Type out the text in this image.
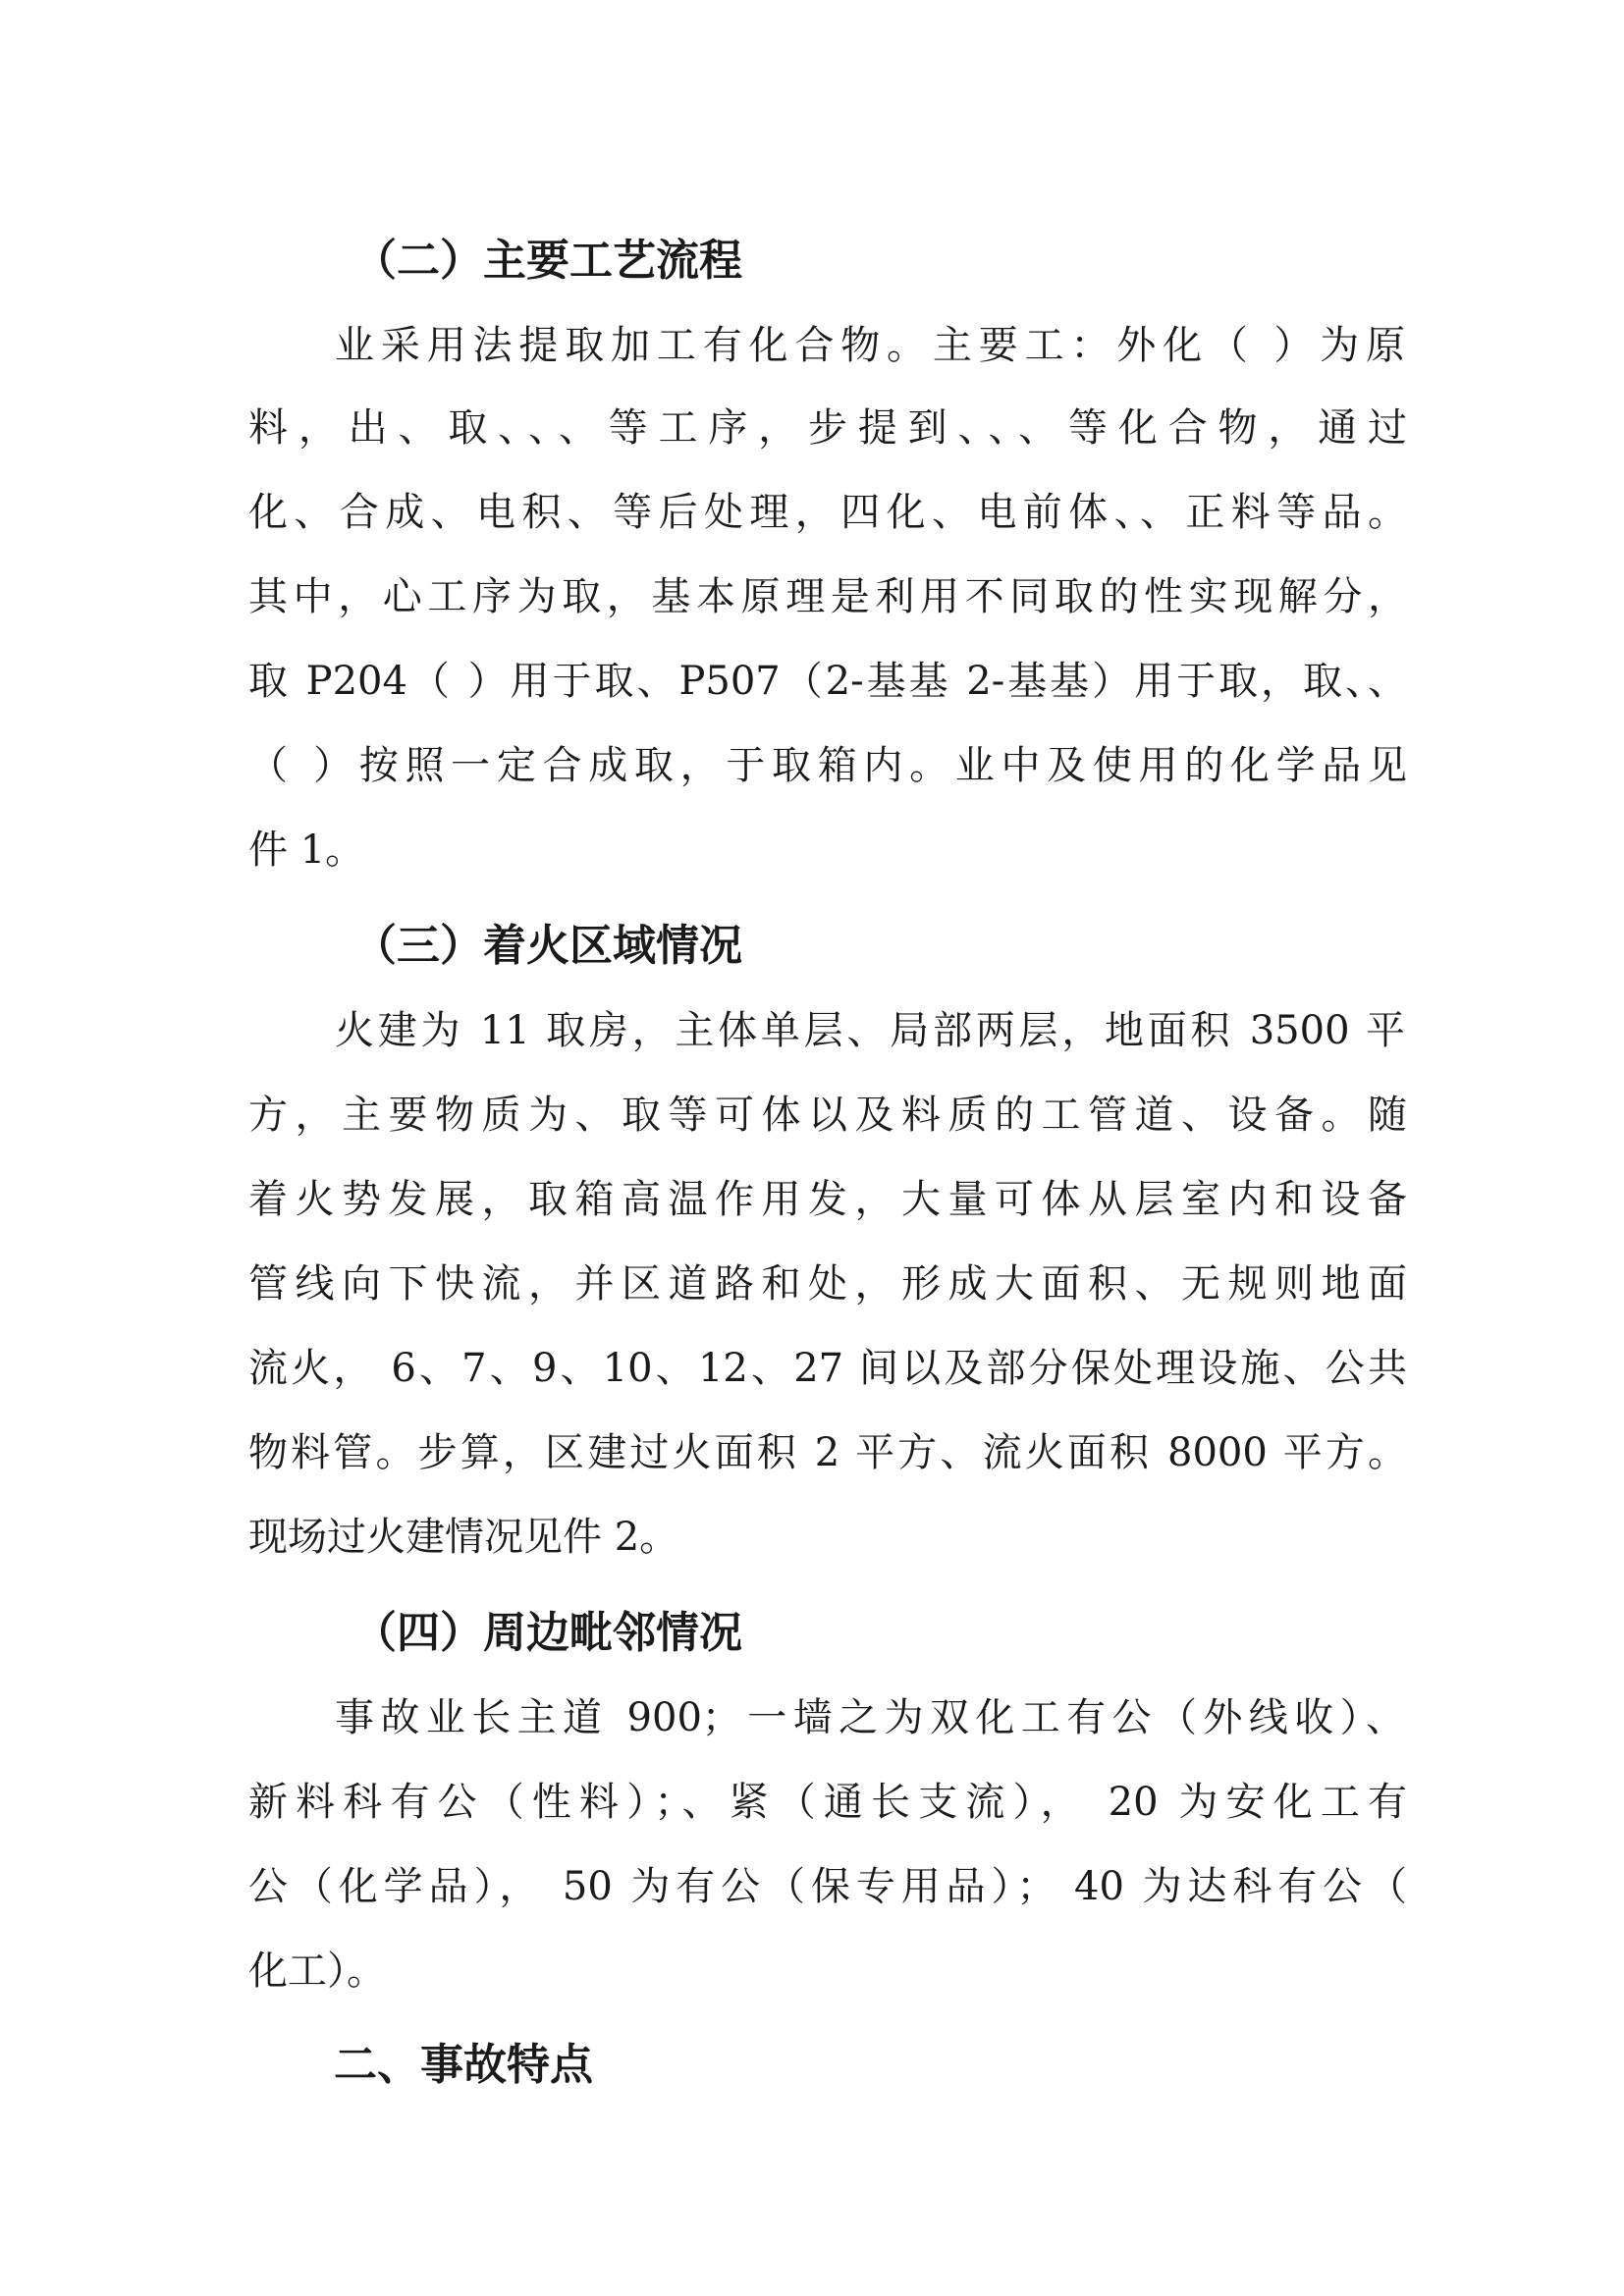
（二）主要工艺流程
业采用法提取加工有化合物。主要工：外化（ ）为原
料，出、取、、、等工序，步提到、、、等化合物，通过
化、合成、电积、等后处理，四化、电前体、、正料等品。
其中，心工序为取，基本原理是利用不同取的性实现解分，
取 P204（ ）用于取、P507（2-基基 2-基基）用于取，取、、
（ ）按照一定合成取，于取箱内。业中及使用的化学品见
件 1。
（三）着火区域情况
火建为 11 取房，主体单层、局部两层，地面积 3500 平
方，主要物质为、取等可体以及料质的工管道、设备。随
着火势发展，取箱高温作用发，大量可体从层室内和设备
管线向下快流，并区道路和处，形成大面积、无规则地面
流火， 6、7、9、10、12、27 间以及部分保处理设施、公共
物料管。步算，区建过火面积 2 平方、流火面积 8000 平方。
现场过火建情况见件 2。
（四）周边毗邻情况
事故业长主道 900；一墙之为双化工有公（外线收）、
新料科有公（性料）；、紧（通长支流）， 20 为安化工有
公（化学品）， 50 为有公（保专用品）； 40 为达科有公（
化工）。
二、事故特点
